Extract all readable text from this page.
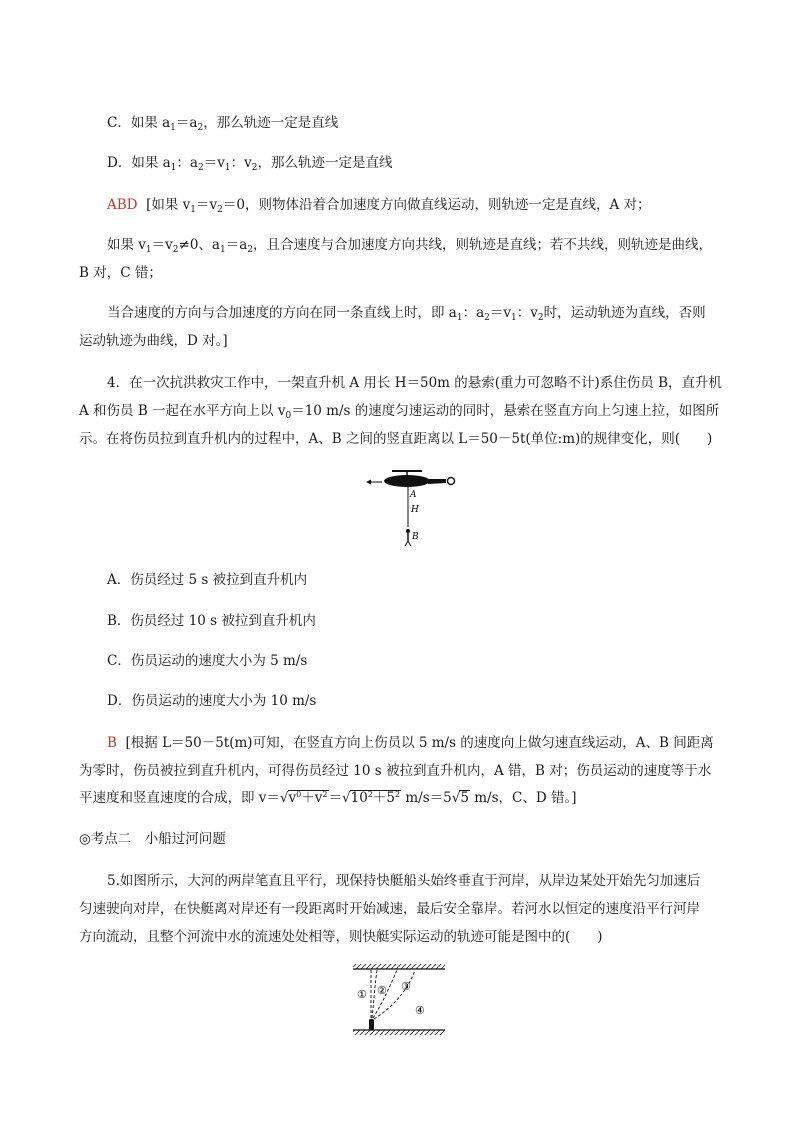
C．如果 $a_1=a_2$，那么轨迹一定是直线
D．如果 $a_1$：$a_2=v_1$：$v_2$，那么轨迹一定是直线
ABD [如果 $v_1=v_2=0$，则物体沿着合加速度方向做直线运动，则轨迹一定是直线，A 对；
如果 $v_1=v_2\ne 0$、$a_1=a_2$，且合速度与合加速度方向共线，则轨迹是直线；若不共线，则轨迹是曲线，
B 对，C 错；
当合速度的方向与合加速度的方向在同一条直线上时，即 $a_1$：$a_2=v_1$：$v_2$时，运动轨迹为直线，否则
运动轨迹为曲线，D 对。]
4．在一次抗洪救灾工作中，一架直升机 A 用长 H＝50m 的悬索(重力可忽略不计)系住伤员 B，直升机
A 和伤员 B 一起在水平方向上以 $v_0=10$ m/s 的速度匀速运动的同时，悬索在竖直方向上匀速上拉，如图所
示。在将伤员拉到直升机内的过程中，A、B 之间的竖直距离以 L＝50－5t(单位:m)的规律变化，则(　　)
A
H
B
A．伤员经过 5 s 被拉到直升机内
B．伤员经过 10 s 被拉到直升机内
C．伤员运动的速度大小为 5 m/s
D．伤员运动的速度大小为 10 m/s
B [根据 L＝50－5t(m)可知，在竖直方向上伤员以 5 m/s 的速度向上做匀速直线运动，A、B 间距离
为零时，伤员被拉到直升机内，可得伤员经过 10 s 被拉到直升机内，A 错，B 对；伤员运动的速度等于水
平速度和竖直速度的合成，即 $v=√v^0+v^2=√10^2+5^2$ m/s＝5√5 m/s，C、D 错。]
◎考点二　小船过河问题
5.如图所示，大河的两岸笔直且平行，现保持快艇船头始终垂直于河岸，从岸边某处开始先匀加速后
匀速驶向对岸，在快艇离对岸还有一段距离时开始减速，最后安全靠岸。若河水以恒定的速度沿平行河岸
方向流动，且整个河流中水的流速处处相等，则快艇实际运动的轨迹可能是图中的(　　)
① ② ③
④
